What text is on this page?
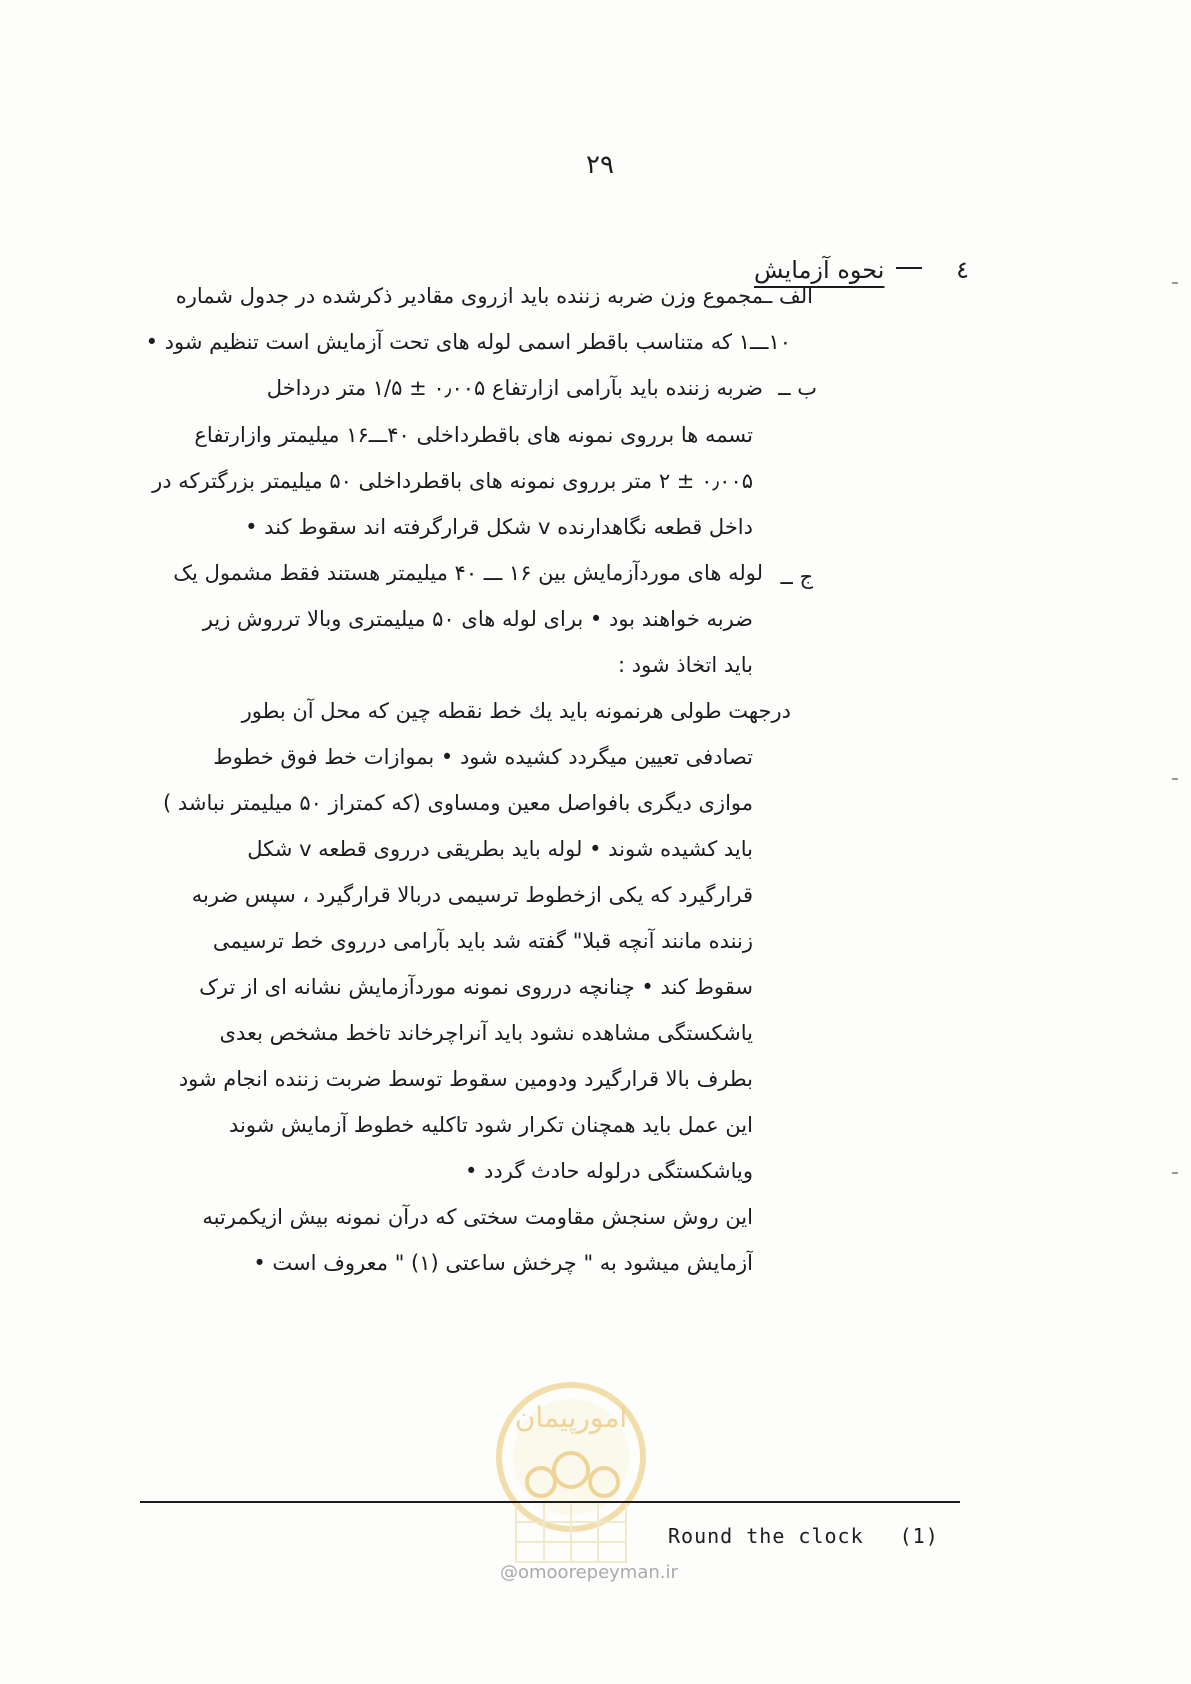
۲۹
٤ نحوه آزمایش
الف ــ
مجموع وزن ضربه زننده باید ازروی مقادیر ذکرشده در جدول شماره
۱۰ـــ۱ که متناسب باقطر اسمی لوله های تحت آزمایش است تنظیم شود •
ب ــ
ضربه زننده باید بآرامی ازارتفاع ۰٫۰۰۵ ± ۱/۵ متر درداخل
تسمه ها برروی نمونه های باقطرداخلی ۴۰ـــ۱۶ میلیمتر وازارتفاع
۰٫۰۰۵ ± ۲ متر برروی نمونه های باقطرداخلی ۵۰ میلیمتر بزرگترکه در
داخل قطعه نگاهدارنده v شکل قرارگرفته اند سقوط کند •
ج ــ
لوله های موردآزمایش بین ۱۶ ـــ ۴۰ میلیمتر هستند فقط مشمول یک
ضربه خواهند بود • برای لوله های ۵۰ میلیمتری وبالا ترروش زیر
باید اتخاذ شود :
درجهت طولی هرنمونه باید یك خط نقطه چین که محل آن بطور
تصادفی تعیین میگردد کشیده شود • بموازات خط فوق خطوط
موازی دیگری بافواصل معین ومساوی (که کمتراز ۵۰ میلیمتر نباشد )
باید کشیده شوند • لوله باید بطریقی درروی قطعه v شکل
قرارگیرد که یکی ازخطوط ترسیمی دربالا قرارگیرد ، سپس ضربه
زننده مانند آنچه قبلا" گفته شد باید بآرامی درروی خط ترسیمی
سقوط کند • چنانچه درروی نمونه موردآزمایش نشانه ای از ترک
یاشکستگی مشاهده نشود باید آنراچرخاند تاخط مشخص بعدی
بطرف بالا قرارگیرد ودومین سقوط توسط ضربت زننده انجام شود
این عمل باید همچنان تکرار شود تاکلیه خطوط آزمایش شوند
ویاشکستگی درلوله حادث گردد •
این روش سنجش مقاومت سختی که درآن نمونه بیش ازیکمرتبه
آزمایش میشود به " چرخش ساعتی (۱) " معروف است •
امورپیمان
Round the clock (1)
@omoorepeyman.ir
